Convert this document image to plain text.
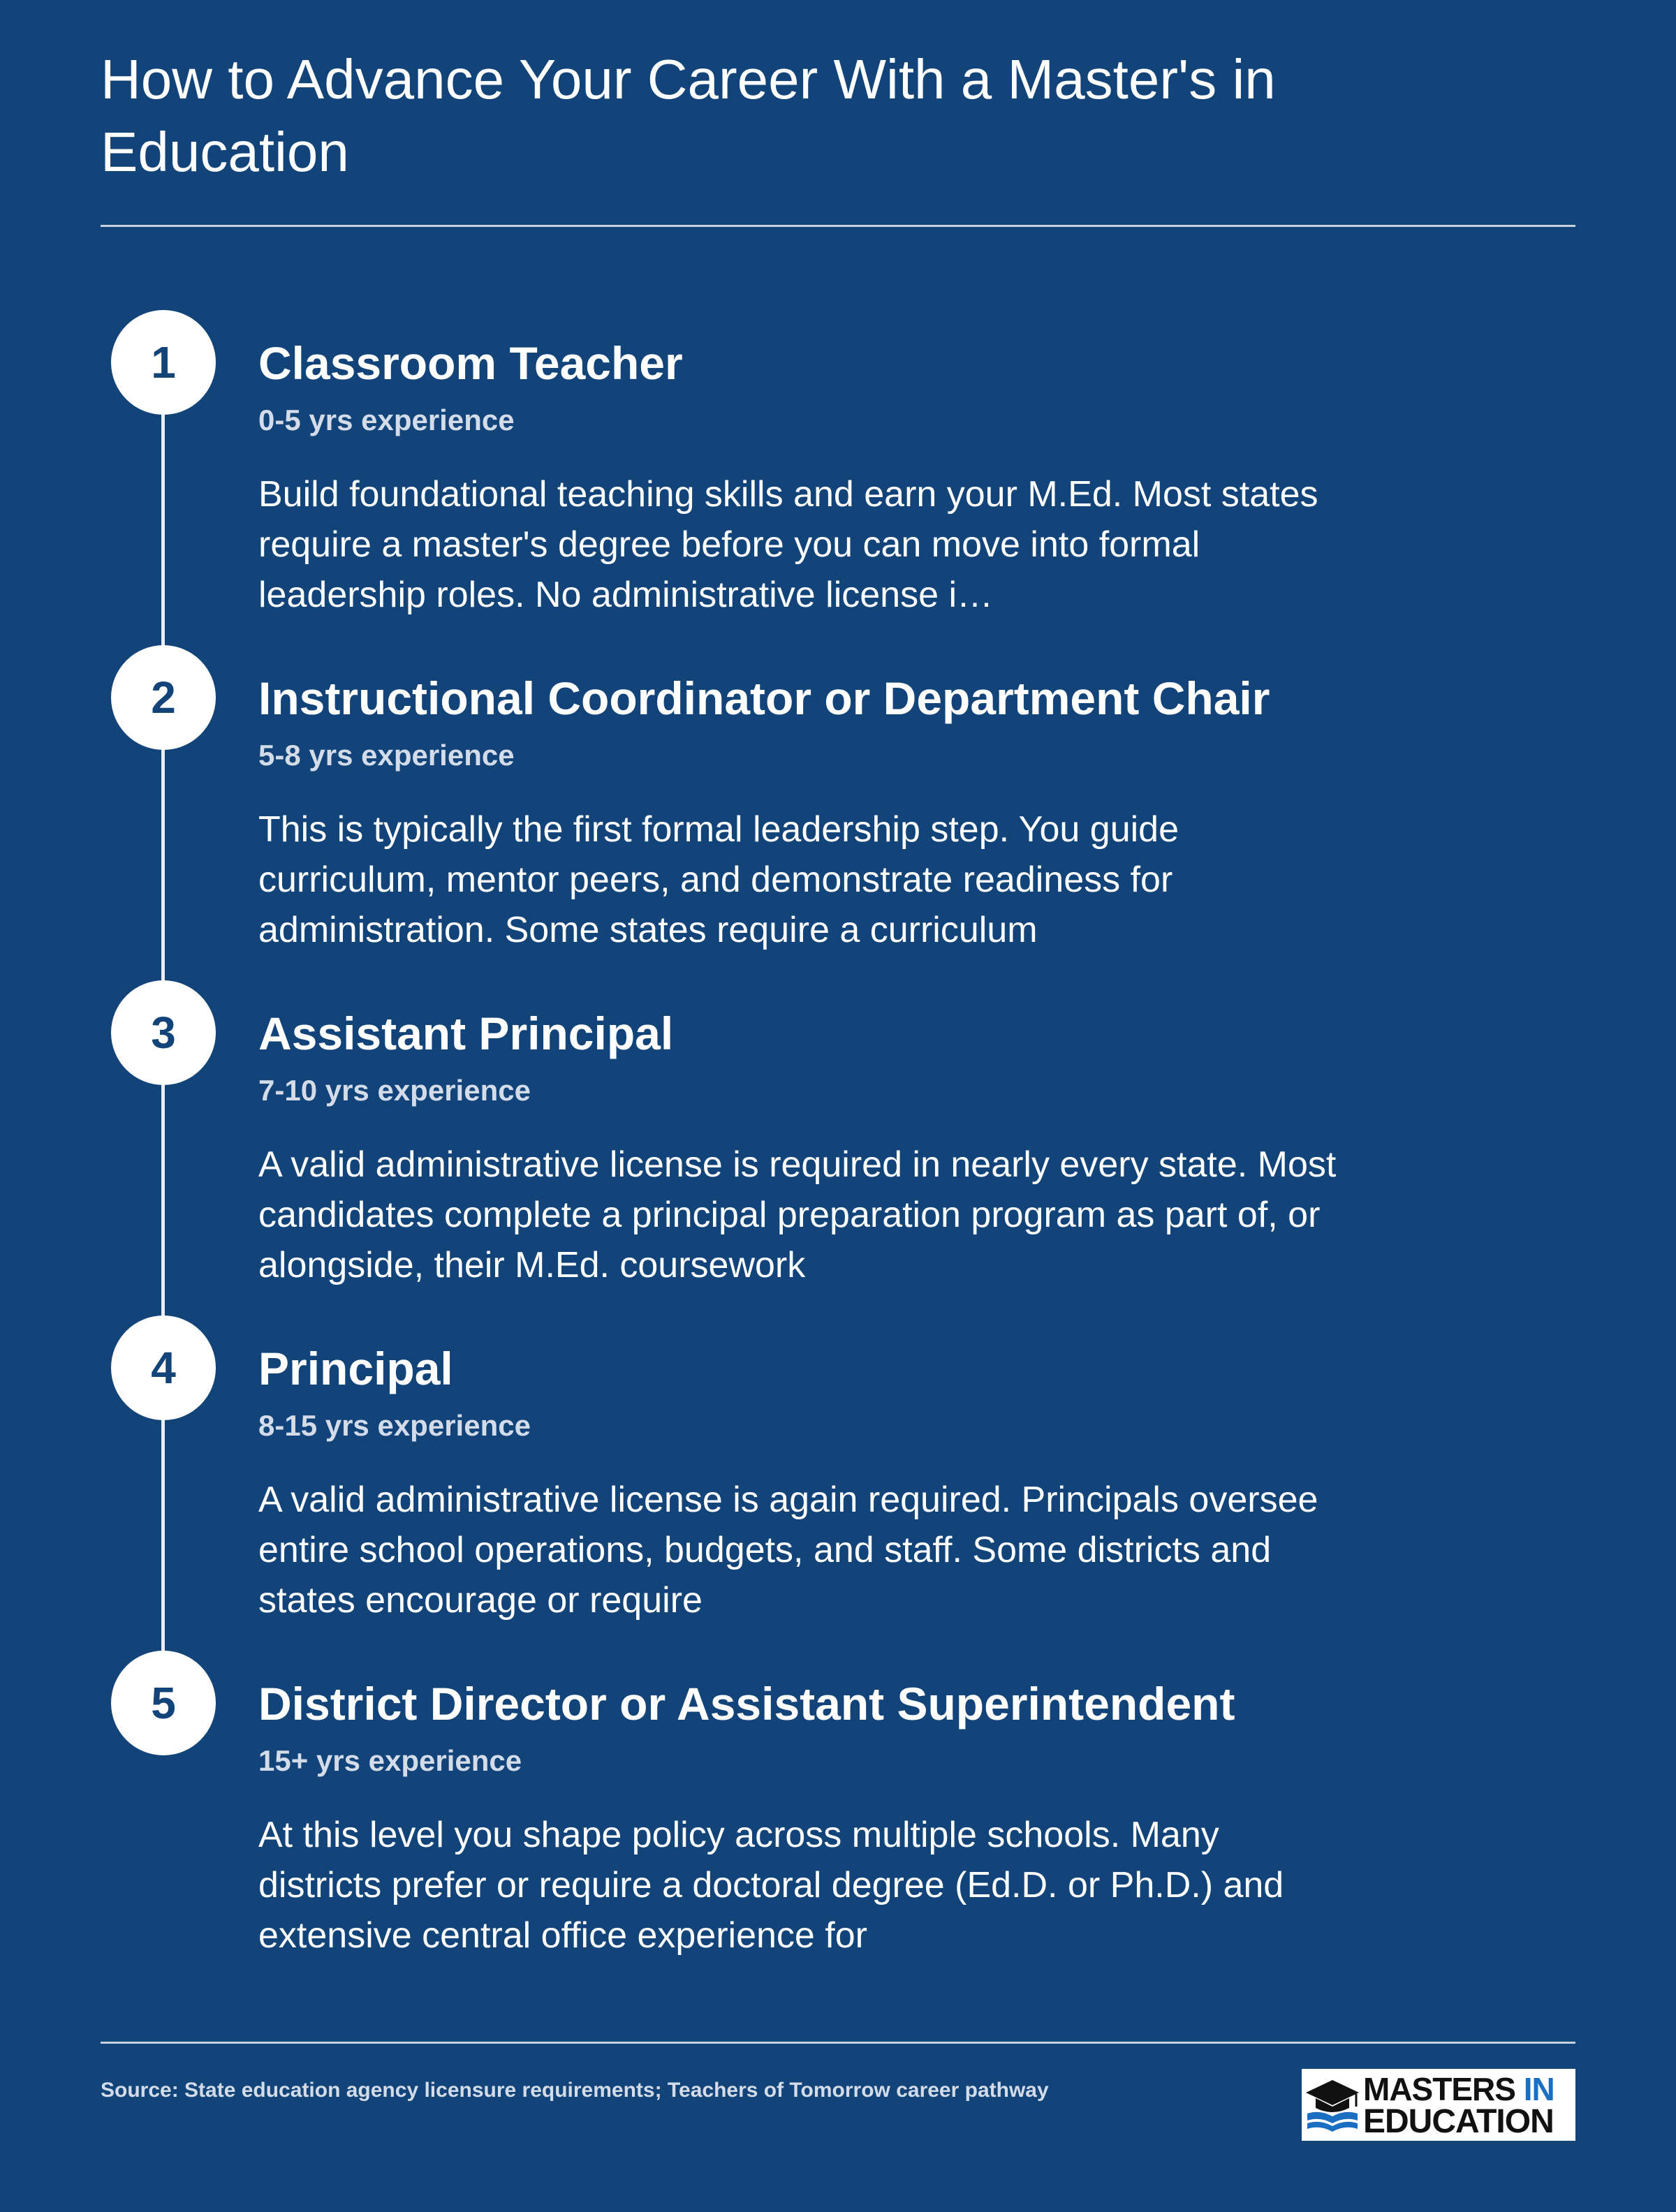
How to Advance Your Career With a Master's in Education
1	Classroom Teacher
0-5 yrs experience
Build foundational teaching skills and earn your M.Ed. Most states require a master's degree before you can move into formal leadership roles. No administrative license i…
2	Instructional Coordinator or Department Chair
5-8 yrs experience
This is typically the first formal leadership step. You guide curriculum, mentor peers, and demonstrate readiness for administration. Some states require a curriculum
3	Assistant Principal
7-10 yrs experience
A valid administrative license is required in nearly every state. Most candidates complete a principal preparation program as part of, or alongside, their M.Ed. coursework
4	Principal
8-15 yrs experience
A valid administrative license is again required. Principals oversee entire school operations, budgets, and staff. Some districts and states encourage or require
5	District Director or Assistant Superintendent
15+ yrs experience
At this level you shape policy across multiple schools. Many districts prefer or require a doctoral degree (Ed.D. or Ph.D.) and extensive central office experience for
Source: State education agency licensure requirements; Teachers of Tomorrow career pathway	MASTERS IN
EDUCATION
